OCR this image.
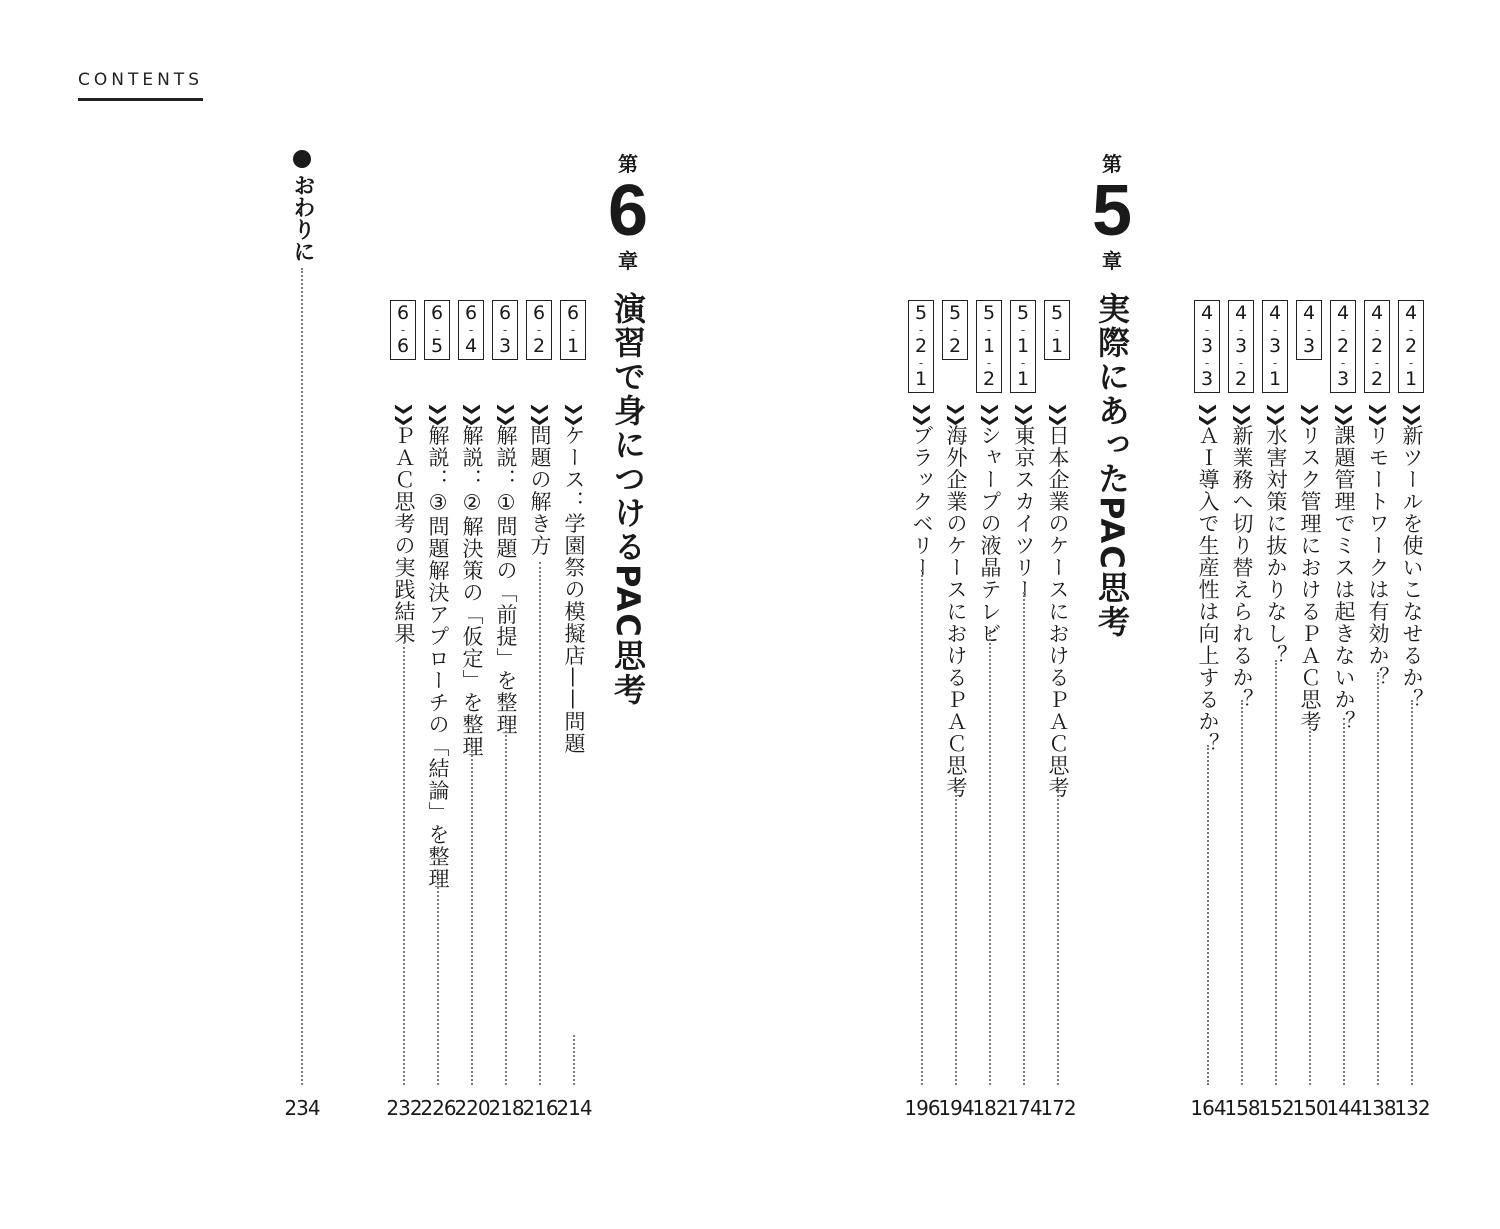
CONTENTS
おわりに
234
第
6
章
演習で身につけるPAC思考
6
-
1
❯❯ケース：学園祭の模擬店——問題
214
6
-
2
❯❯問題の解き方
216
6
-
3
❯❯解説：①問題の「前提」を整理
218
6
-
4
❯❯解説：②解決策の「仮定」を整理
220
6
-
5
❯❯解説：③問題解決アプローチの「結論」を整理
226
6
-
6
❯❯ＰＡＣ思考の実践結果
232
第
5
章
実際にあったPAC思考
5
-
1
❯❯日本企業のケースにおけるＰＡＣ思考
172
5
-
1
-
1
❯❯東京スカイツリー
174
5
-
1
-
2
❯❯シャープの液晶テレビ
182
5
-
2
❯❯海外企業のケースにおけるＰＡＣ思考
194
5
-
2
-
1
❯❯ブラックベリー
196
4
-
2
-
1
❯❯新ツールを使いこなせるか？
132
4
-
2
-
2
❯❯リモートワークは有効か？
138
4
-
2
-
3
❯❯課題管理でミスは起きないか？
144
4
-
3
❯❯リスク管理におけるＰＡＣ思考
150
4
-
3
-
1
❯❯水害対策に抜かりなし？
152
4
-
3
-
2
❯❯新業務へ切り替えられるか？
158
4
-
3
-
3
❯❯ＡＩ導入で生産性は向上するか？
164
